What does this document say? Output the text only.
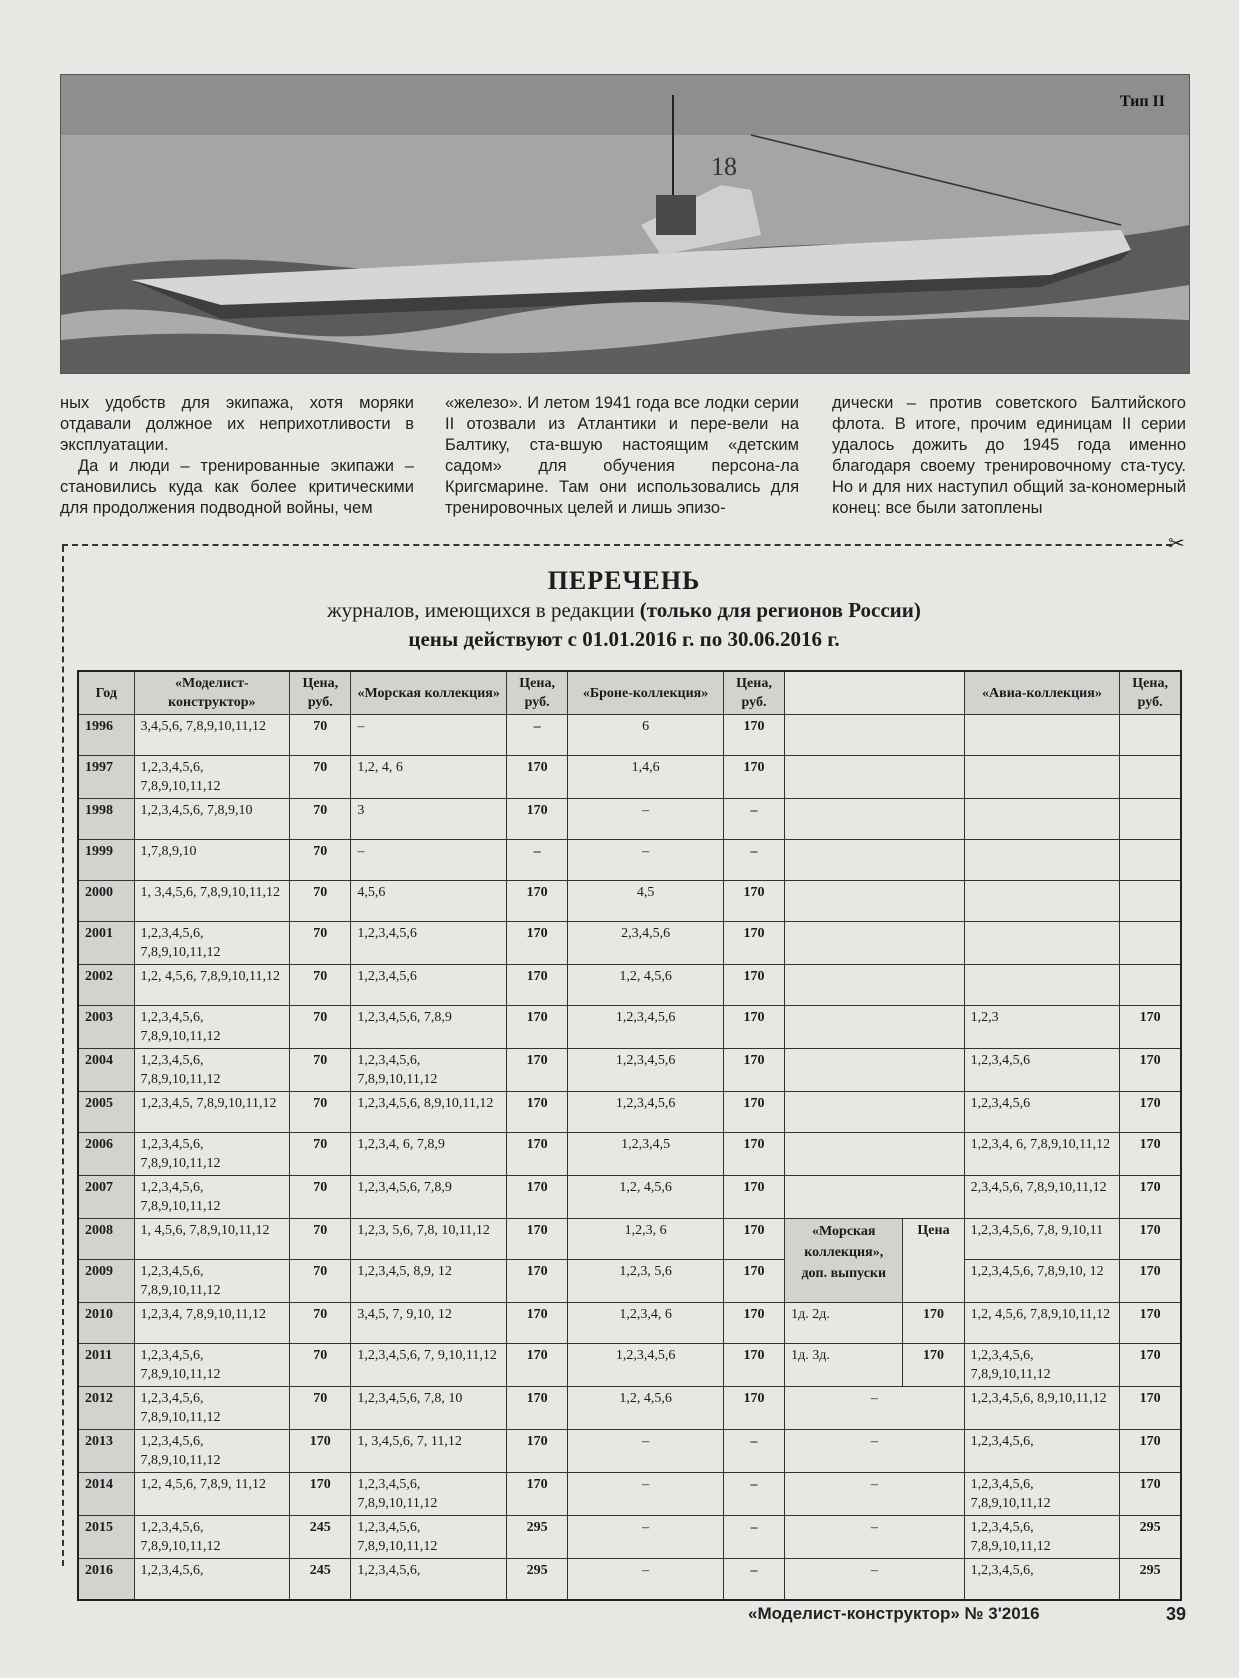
18
Тип II

ных удобств для экипажа, хотя моряки отдавали должное их неприхотливости в эксплуатации.

Да и люди – тренированные экипажи – становились куда как более критическими для продолжения подводной войны, чем

«железо». И летом 1941 года все лодки серии II отозвали из Атлантики и пере-вели на Балтику, ста-вшую настоящим «детским садом» для обучения персона-ла Кригсмарине. Там они использовались для тренировочных целей и лишь эпизо-

дически – против советского Балтийского флота. В итоге, прочим единицам II серии удалось дожить до 1945 года именно благодаря своему тренировочному ста-тусу. Но и для них наступил общий за-кономерный конец: все были затоплены

✂
ПЕРЕЧЕНЬ
журналов, имеющихся в редакции (только для регионов России)
цены действуют с 01.01.2016 г. по 30.06.2016 г.
Год	«Моделист-конструктор»	Цена, руб.	«Морская коллекция»	Цена, руб.	«Броне-коллекция»	Цена, руб.			«Авиа-коллекция»	Цена, руб.
1996	3,4,5,6, 7,8,9,10,11,12	70	–	–	6	170				
1997	1,2,3,4,5,6, 7,8,9,10,11,12	70	1,2, 4, 6	170	1,4,6	170				
1998	1,2,3,4,5,6, 7,8,9,10	70	3	170	–	–				
1999	1,7,8,9,10	70	–	–	–	–				
2000	1, 3,4,5,6, 7,8,9,10,11,12	70	4,5,6	170	4,5	170				
2001	1,2,3,4,5,6, 7,8,9,10,11,12	70	1,2,3,4,5,6	170	2,3,4,5,6	170				
2002	1,2, 4,5,6, 7,8,9,10,11,12	70	1,2,3,4,5,6	170	1,2, 4,5,6	170				
2003	1,2,3,4,5,6, 7,8,9,10,11,12	70	1,2,3,4,5,6, 7,8,9	170	1,2,3,4,5,6	170			1,2,3	170
2004	1,2,3,4,5,6, 7,8,9,10,11,12	70	1,2,3,4,5,6, 7,8,9,10,11,12	170	1,2,3,4,5,6	170			1,2,3,4,5,6	170
2005	1,2,3,4,5, 7,8,9,10,11,12	70	1,2,3,4,5,6, 8,9,10,11,12	170	1,2,3,4,5,6	170			1,2,3,4,5,6	170
2006	1,2,3,4,5,6, 7,8,9,10,11,12	70	1,2,3,4, 6, 7,8,9	170	1,2,3,4,5	170			1,2,3,4, 6, 7,8,9,10,11,12	170
2007	1,2,3,4,5,6, 7,8,9,10,11,12	70	1,2,3,4,5,6, 7,8,9	170	1,2, 4,5,6	170			2,3,4,5,6, 7,8,9,10,11,12	170
2008	1, 4,5,6, 7,8,9,10,11,12	70	1,2,3, 5,6, 7,8, 10,11,12	170	1,2,3, 6	170	«Морская коллекция», доп. выпуски	Цена	1,2,3,4,5,6, 7,8, 9,10,11	170
2009	1,2,3,4,5,6, 7,8,9,10,11,12	70	1,2,3,4,5, 8,9, 12	170	1,2,3, 5,6	170			1,2,3,4,5,6, 7,8,9,10, 12	170
2010	1,2,3,4, 7,8,9,10,11,12	70	3,4,5, 7, 9,10, 12	170	1,2,3,4, 6	170	1д. 2д.	170	1,2, 4,5,6, 7,8,9,10,11,12	170
2011	1,2,3,4,5,6, 7,8,9,10,11,12	70	1,2,3,4,5,6, 7, 9,10,11,12	170	1,2,3,4,5,6	170	1д. 3д.	170	1,2,3,4,5,6, 7,8,9,10,11,12	170
2012	1,2,3,4,5,6, 7,8,9,10,11,12	70	1,2,3,4,5,6, 7,8, 10	170	1,2, 4,5,6	170	–		1,2,3,4,5,6, 8,9,10,11,12	170
2013	1,2,3,4,5,6, 7,8,9,10,11,12	170	1, 3,4,5,6, 7, 11,12	170	–	–	–		1,2,3,4,5,6,	170
2014	1,2, 4,5,6, 7,8,9, 11,12	170	1,2,3,4,5,6, 7,8,9,10,11,12	170	–	–	–		1,2,3,4,5,6, 7,8,9,10,11,12	170
2015	1,2,3,4,5,6, 7,8,9,10,11,12	245	1,2,3,4,5,6, 7,8,9,10,11,12	295	–	–	–		1,2,3,4,5,6, 7,8,9,10,11,12	295
2016	1,2,3,4,5,6,	245	1,2,3,4,5,6,	295	–	–	–		1,2,3,4,5,6,	295
«Моделист-конструктор» № 3'2016	39
